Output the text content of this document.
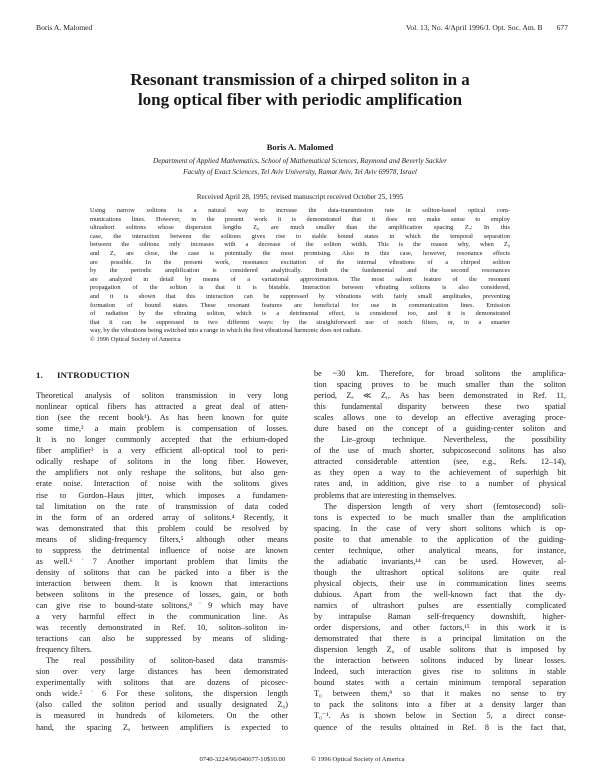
Boris A. Malomed	Vol. 13, No. 4/April 1996/J. Opt. Soc. Am. B 677
Resonant transmission of a chirped soliton in a
long optical fiber with periodic amplification
Boris A. Malomed
Department of Applied Mathematics, School of Mathematical Sciences, Raymond and Beverly Sackler
Faculty of Exact Sciences, Tel Aviv University, Ramat Aviv, Tel Aviv 69978, Israel
Received April 28, 1995; revised manuscript received October 25, 1995
Using narrow solitons is a natural way to increase the data-transmission rate in soliton-based optical com-
munications lines. However, in the present work it is demonstrated that it does not make sense to employ
ultrashort solitons whose dispersion lengths Z₀ are much smaller than the amplification spacing Zₐ: In this
case, the interaction between the solitons gives rise to stable bound states in which the temporal separation
between the solitons only increases with a decrease of the soliton width. This is the reason why, when Z₀
and Zₐ are close, the case is potentially the most promising. Also in this case, however, resonance effects
are possible. In the present work, resonance excitation of the internal vibrations of a chirped soliton
by the periodic amplification is considered analytically. Both the fundamental and the second resonances
are analyzed in detail by means of a variational approximation. The most salient feature of the resonant
propagation of the soliton is that it is bistable. Interaction between vibrating solitons is also considered,
and it is shown that this interaction can be suppressed by vibrations with fairly small amplitudes, preventing
formation of bound states. These resonant features are beneficial for use in communication lines. Emission
of radiation by the vibrating soliton, which is a detrimental effect, is considered too, and it is demonstrated
that it can be suppressed in two different ways: by the straightforward use of notch filters, or, in a smarter
way, by the vibrations being switched into a range in which the first vibrational harmonic does not radiate.
© 1996 Optical Society of America
1. INTRODUCTION
Theoretical analysis of soliton transmission in very long
nonlinear optical fibers has attracted a great deal of atten-
tion (see the recent book¹). As has been known for quite
some time,² a main problem is compensation of losses.
It is no longer commonly accepted that the erbium-doped
fiber amplifier³ is a very efficient all-optical tool to peri-
odically reshape of solitons in the long fiber. However,
the amplifiers not only reshape the solitons, but also gen-
erate noise. Interaction of noise with the solitons gives
rise to Gordon–Haus jitter, which imposes a fundamen-
tal limitation on the rate of transmission of data coded
in the form of an ordered array of solitons.⁴ Recently, it
was demonstrated that this problem could be resolved by
means of sliding-frequency filters,⁵ although other means
to suppress the detrimental influence of noise are known
as well.⁶˙7 Another important problem that limits the
density of solitons that can be packed into a fiber is the
interaction between them. It is known that interactions
between solitons in the presence of losses, gain, or both
can give rise to bound-state solitons,⁸˙9 which may have
a very harmful effect in the communication line. As
was recently demonstrated in Ref. 10, soliton–soliton in-
teractions can also be suppressed by means of sliding-
frequency filters.
The real possibility of soliton-based data transmis-
sion over very large distances has been demonstrated
experimentally with solitons that are dozens of picosec-
onds wide.⁵˙6 For these solitons, the dispersion length
(also called the soliton period and usually designated Z₀)
is measured in hundreds of kilometers. On the other
hand, the spacing Zₐ between amplifiers is expected to
be ~30 km. Therefore, for broad solitons the amplifica-
tion spacing proves to be much smaller than the soliton
period, Zₐ ≪ Z₀. As has been demonstrated in Ref. 11,
this fundamental disparity between these two spatial
scales allows one to develop an effective averaging proce-
dure based on the concept of a guiding-center soliton and
the Lie–group technique. Nevertheless, the possibility
of the use of much shorter, subpicosecond solitons has also
attracted considerable attention (see, e.g., Refs. 12–14),
as they open a way to the achievement of superhigh bit
rates and, in addition, give rise to a number of physical
problems that are interesting in themselves.
The dispersion length of very short (femtosecond) soli-
tons is expected to be much smaller than the amplification
spacing. In the case of very short solitons which is op-
posite to that amenable to the application of the guiding-
center technique, other analytical means, for instance,
the adiabatic invariants,¹⁴ can be used. However, al-
though the ultrashort optical solitons are quite real
physical objects, their use in communication lines seems
dubious. Apart from the well-known fact that the dy-
namics of ultrashort pulses are essentially complicated
by intrapulse Raman self-frequency downshift, higher-
order dispersions, and other factors,¹⁵ in this work it is
demonstrated that there is a principal limitation on the
dispersion length Z₀ of usable solitons that is imposed by
the interaction between solitons induced by linear losses.
Indeed, such interaction gives rise to solitons in stable
bound states with a certain minimum temporal separation
T₀ between them,⁹ so that it makes no sense to try
to pack the solitons into a fiber at a density larger than
T₀⁻¹. As is shown below in Section 5, a direct conse-
quence of the results obtained in Ref. 8 is the fact that,
0740-3224/96/040677-10$10.00	© 1996 Optical Society of America
